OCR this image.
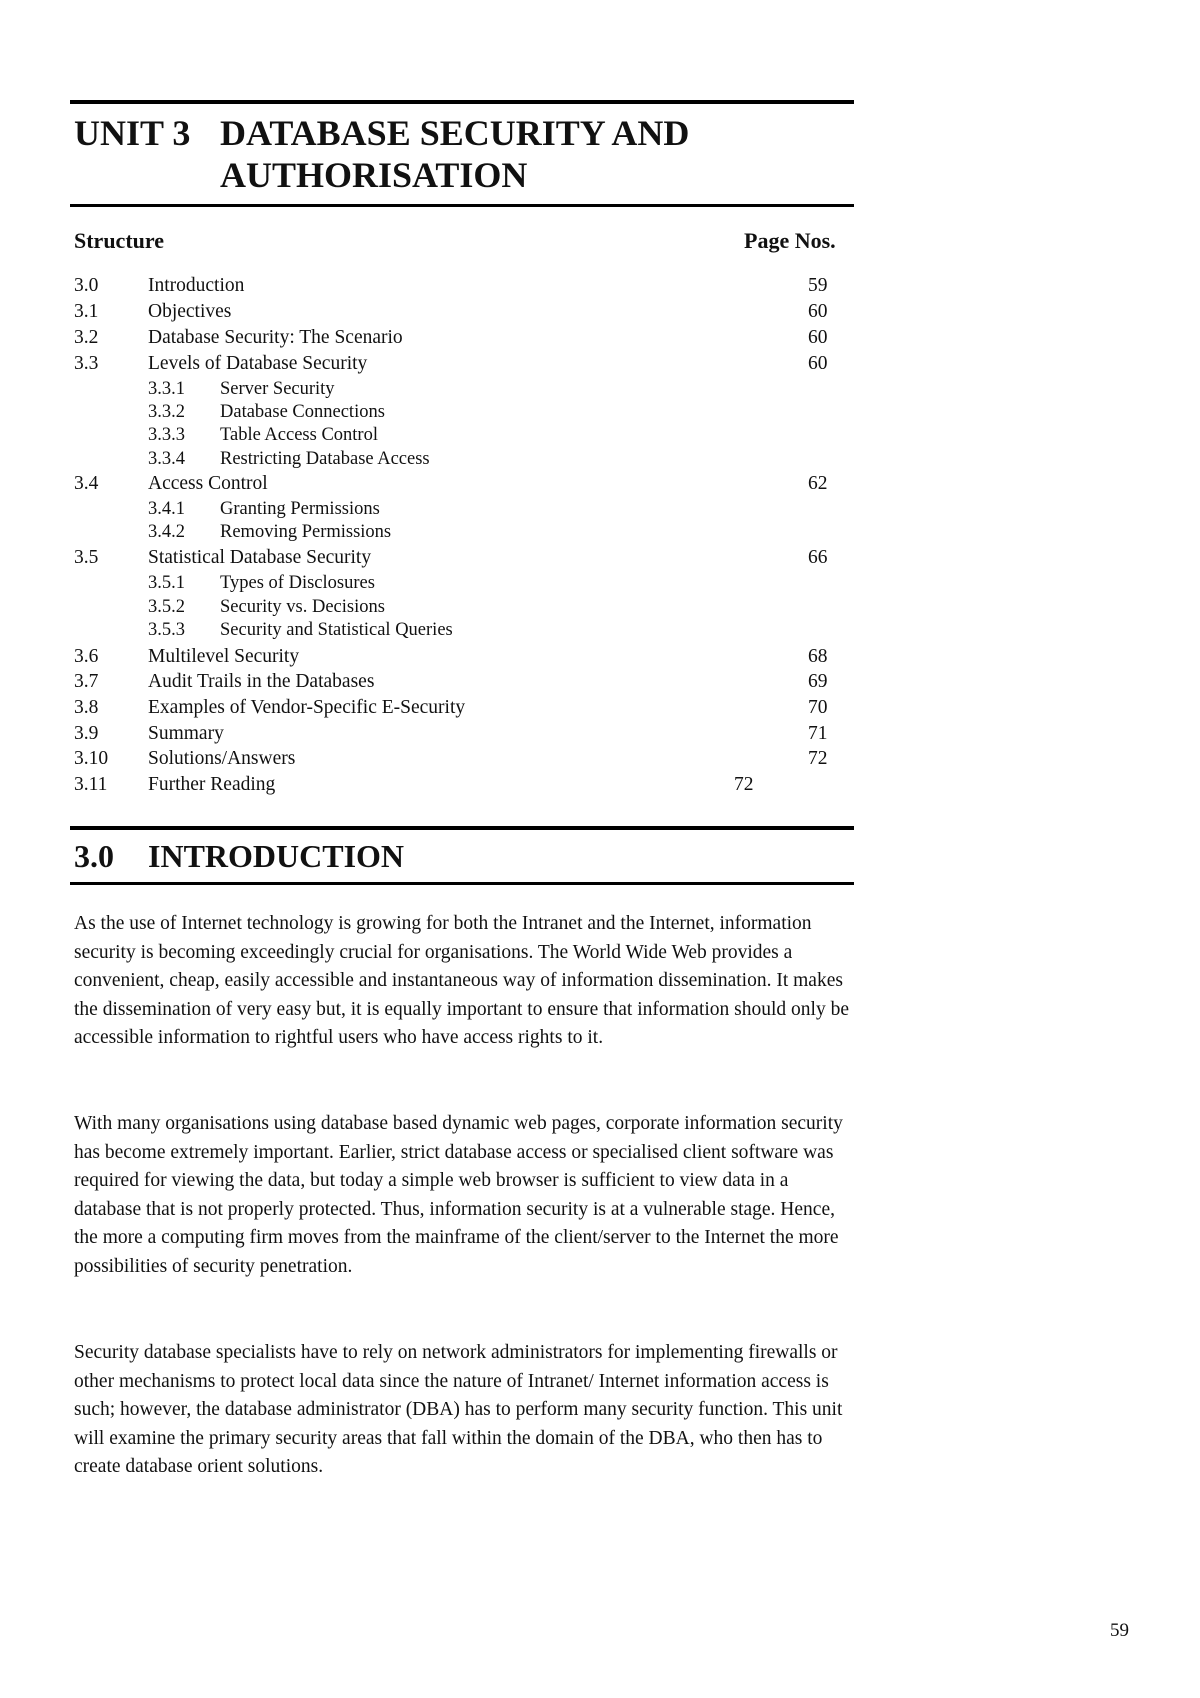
UNIT 3 DATABASE SECURITY AND AUTHORISATION
Structure	Page Nos.
3.0	Introduction	59
3.1	Objectives	60
3.2	Database Security: The Scenario	60
3.3	Levels of Database Security	60
3.3.1 Server Security
3.3.2 Database Connections
3.3.3 Table Access Control
3.3.4 Restricting Database Access
3.4	Access Control	62
3.4.1 Granting Permissions
3.4.2 Removing Permissions
3.5	Statistical Database Security	66
3.5.1 Types of Disclosures
3.5.2 Security vs. Decisions
3.5.3 Security and Statistical Queries
3.6	Multilevel Security	68
3.7	Audit Trails in the Databases	69
3.8	Examples of Vendor-Specific E-Security	70
3.9	Summary	71
3.10 Solutions/Answers	72
3.11 Further Reading	72
3.0 INTRODUCTION

As the use of Internet technology is growing for both the Intranet and the Internet, information security is becoming exceedingly crucial for organisations. The World Wide Web provides a convenient, cheap, easily accessible and instantaneous way of information dissemination. It makes the dissemination of very easy but, it is equally important to ensure that information should only be accessible information to rightful users who have access rights to it.

With many organisations using database based dynamic web pages, corporate information security has become extremely important. Earlier, strict database access or specialised client software was required for viewing the data, but today a simple web browser is sufficient to view data in a database that is not properly protected. Thus, information security is at a vulnerable stage. Hence, the more a computing firm moves from the mainframe of the client/server to the Internet the more possibilities of security penetration.

Security database specialists have to rely on network administrators for implementing firewalls or other mechanisms to protect local data since the nature of Intranet/ Internet information access is such; however, the database administrator (DBA) has to perform many security function. This unit will examine the primary security areas that fall within the domain of the DBA, who then has to create database orient solutions.

59
